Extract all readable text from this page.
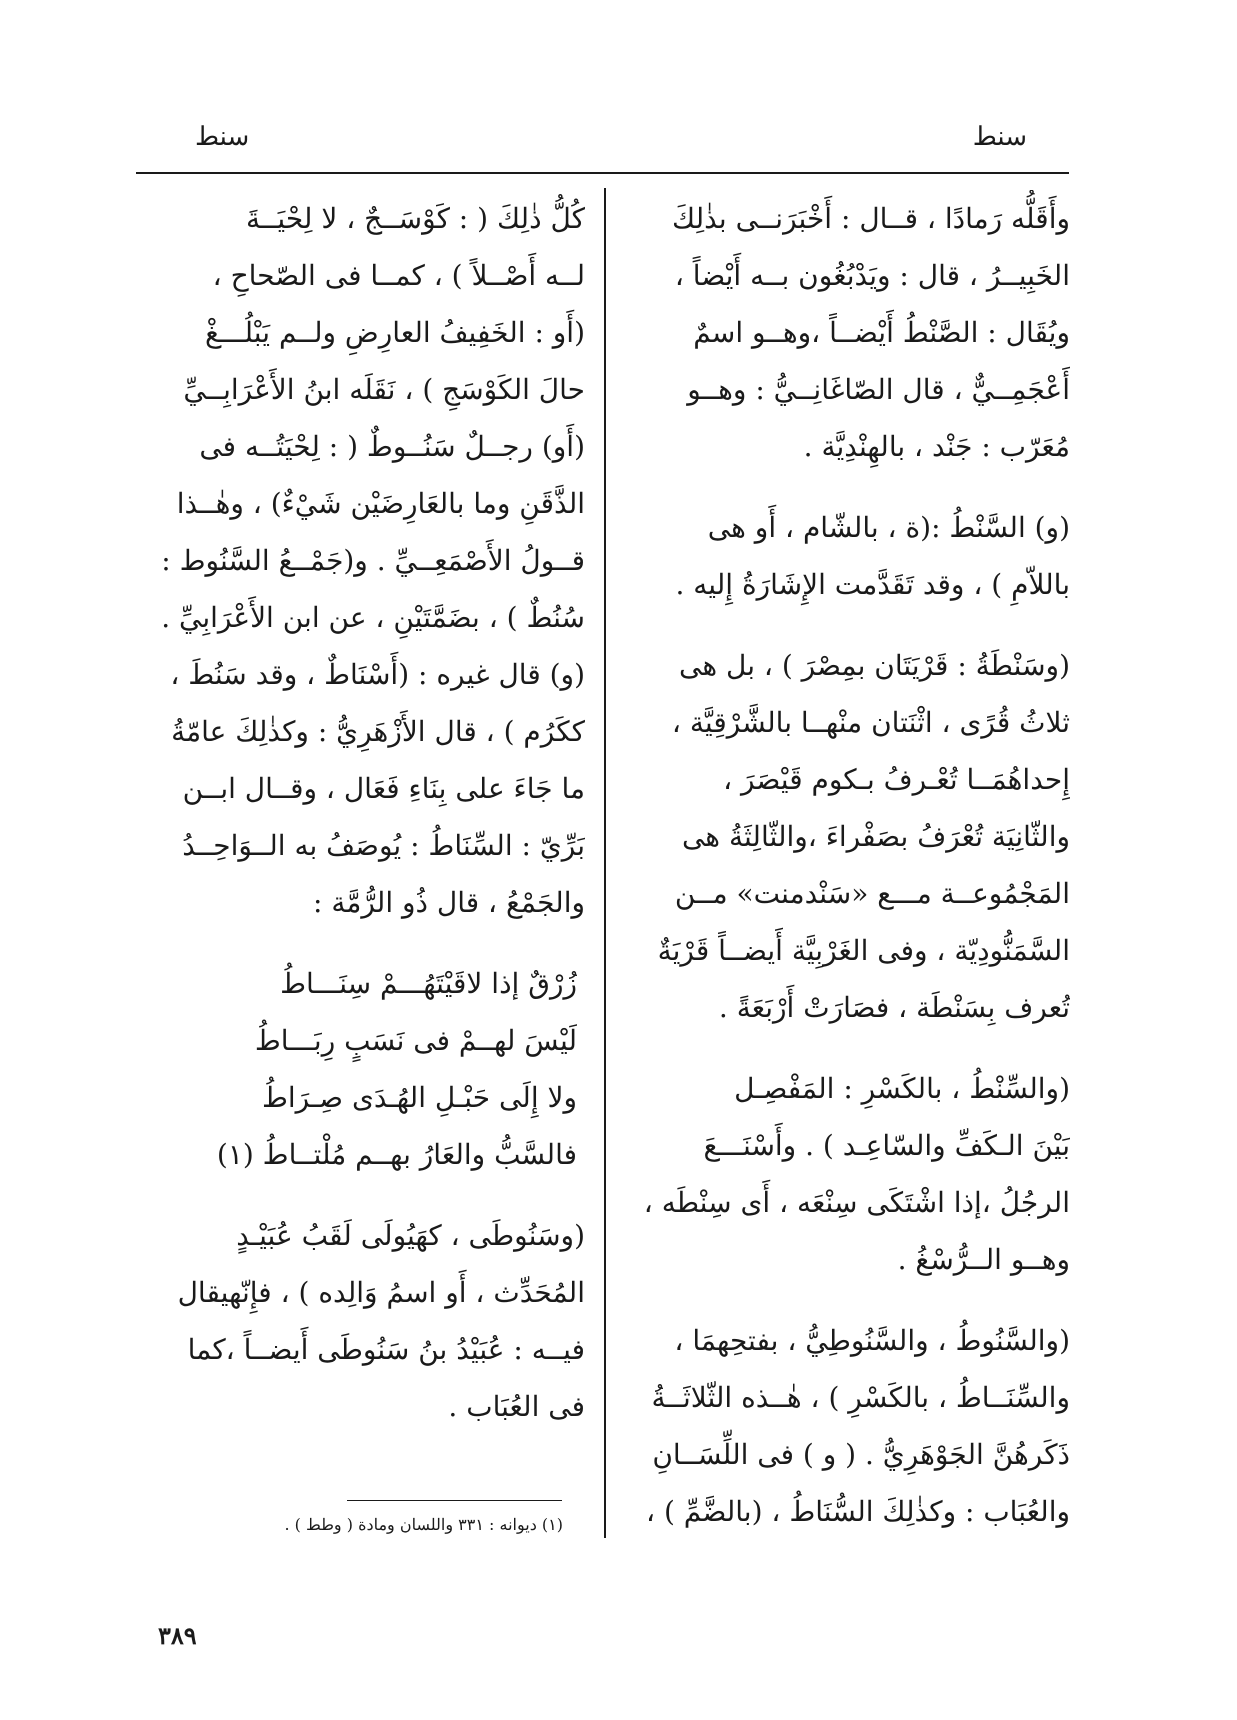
سنط
سنط
وأَقَلُّه رَمادًا ، قــال : أَخْبَرَنــى بذٰلِكَ
الخَبِيــرُ ، قال : ويَدْبُغُون بــه أَيْضاً ،
ويُقَال : الصَّنْطُ أَيْضــاً ،وهــو اسمٌ
أَعْجَمِــيٌّ ، قال الصّاغَانِــيُّ : وهــو
مُعَرّب : جَنْد ، بالهِنْدِيَّة .
(و) السَّنْطُ :(ة ، بالشّام ، أَو هى
باللاّمِ ) ، وقد تَقَدَّمت الإِشَارَةُ إِليه .
(وسَنْطَةُ : قَرْيَتَان بمِصْرَ ) ، بل هى
ثلاثُ قُرًى ، اثْنَتان منْهــا بالشَّرْقِيَّة ،
إِحداهُمَــا تُعْـرفُ بـكوم قَيْصَرَ ،
والثّانِيَة تُعْرَفُ بصَفْراءَ ،والثّالِثَةُ هى
المَجْمُوعــة مـــع «سَنْدمنت» مــن
السَّمَنُّودِيّة ، وفى الغَرْبِيَّة أَيضــاً قَرْيَةٌ
تُعرف بِسَنْطَة ، فصَارَتْ أَرْبَعَةً .
(والسِّنْطُ ، بالكَسْرِ : المَفْصِـل
بَيْنَ الـكَفِّ والسّاعِـد ) . وأَسْنَـــعَ
الرجُلُ ،إذا اشْتَكَى سِنْعَه ، أَى سِنْطَه ،
وهــو الــرُّسْغُ .
(والسَّنُوطُ ، والسَّنُوطِيُّ ، بفتحِهمَا ،
والسِّنَــاطُ ، بالكَسْرِ ) ، هٰــذه الثّلاثَــةُ
ذَكَرهُنَّ الجَوْهَرِيُّ . ( و ) فى اللِّسَــانِ
والعُبَاب : وكذٰلِكَ السُّنَاطُ ، (بالضَّمِّ ) ،
كُلُّ ذٰلِكَ ( : كَوْسَــجٌ ، لا لِحْيَــةَ
لــه أَصْــلاً ) ، كمــا فى الصّحاحِ ،
(أَو : الخَفِيفُ العارِضِ ولــم يَبْلُـــغْ
حالَ الكَوْسَجِ ) ، نَقَلَه ابنُ الأَعْرَابِــيِّ
(أَو) رجــلٌ سَنُــوطٌ ( : لِحْيَتُــه فى
الذَّقَنِ وما بالعَارِضَيْن شَيْءٌ) ، وهٰــذا
قــولُ الأَصْمَعِــيِّ . و(جَمْــعُ السَّنُوط :
سُنُطٌ ) ، بضَمَّتَيْنِ ، عن ابن الأَعْرَابِيِّ .
(و) قال غيره : (أَسْنَاطٌ ، وقد سَنُطَ ،
ككَرُم ) ، قال الأَزْهَرِيُّ : وكذٰلِكَ عامّةُ
ما جَاءَ على بِنَاءِ فَعَال ، وقــال ابــن
بَرِّيّ : السِّنَاطُ : يُوصَفُ به الــوَاحِــدُ
والجَمْعُ ، قال ذُو الرُّمَّة :
زُرْقٌ إذا لاقَيْتَهُـــمْ سِنَـــاطُ
لَيْسَ لهــمْ فى نَسَبٍ رِبَـــاطُ
ولا إِلَى حَبْـلِ الهُـدَى صِـرَاطُ
فالسَّبُّ والعَارُ بهــم مُلْتــاطُ (١)
(وسَنُوطَى ، كهَيُولَى لَقَبُ عُبَيْـدٍ
المُحَدِّث ، أَو اسمُ وَالِده ) ، فإِنّهيقال
فيــه : عُبَيْدُ بنُ سَنُوطَى أَيضــاً ،كما
فى العُبَاب .
(١) ديوانه : ٣٣١ واللسان ومادة ( وطط ) .
٣٨٩
